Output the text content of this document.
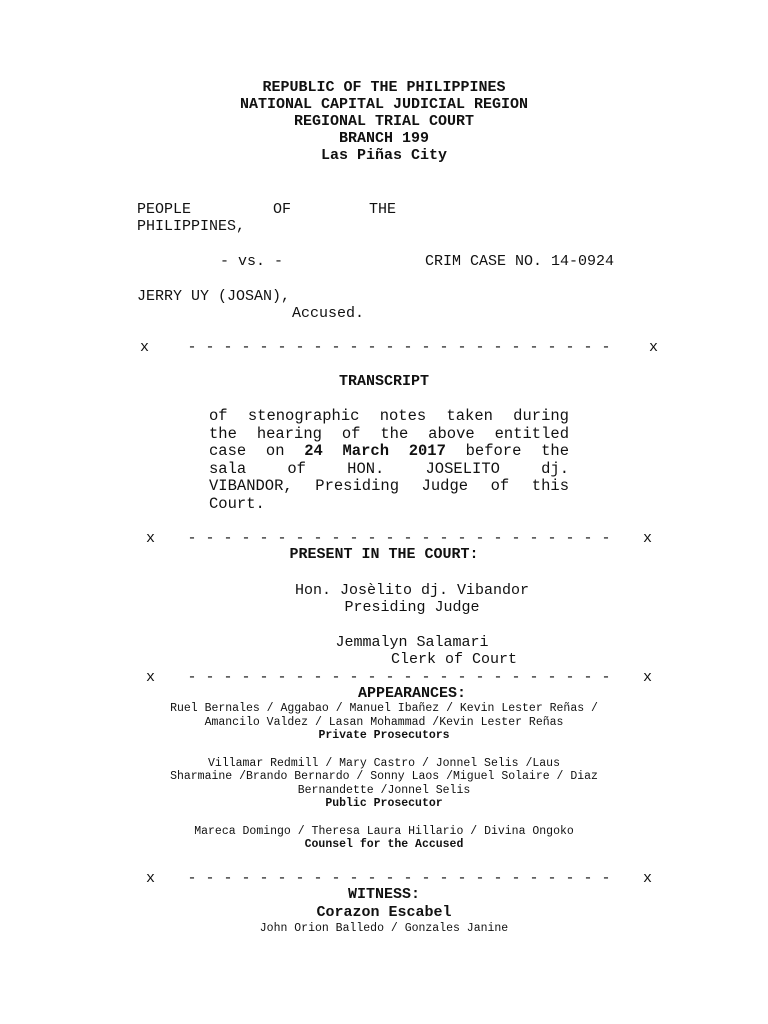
REPUBLIC OF THE PHILIPPINES
NATIONAL CAPITAL JUDICIAL REGION
REGIONAL TRIAL COURT
BRANCH 199
Las Piñas City
PEOPLE	OF	THE
PHILIPPINES,
- vs. -	CRIM CASE NO. 14-0924
JERRY UY (JOSAN),
Accused.
x	- - - - - - - - - - - - - - - - - - - - - - - -	x
TRANSCRIPT
of stenographic notes taken during
the hearing of the above entitled
case on 24 March 2017 before the
sala of HON. JOSELITO dj.
VIBANDOR, Presiding Judge of this
Court.
x - - - - - - - - - - - - - - - - - - - - - - - - x
PRESENT IN THE COURT:
Hon. Josèlito dj. Vibandor
Presiding Judge
Jemmalyn Salamari
Clerk of Court
x - - - - - - - - - - - - - - - - - - - - - - - - x
APPEARANCES:
Ruel Bernales / Aggabao / Manuel Ibañez / Kevin Lester Reñas /
Amancilo Valdez / Lasan Mohammad /Kevin Lester Reñas
Private Prosecutors
Villamar Redmill / Mary Castro / Jonnel Selis /Laus
Sharmaine /Brando Bernardo / Sonny Laos /Miguel Solaire / Diaz
Bernandette /Jonnel Selis
Public Prosecutor
Mareca Domingo / Theresa Laura Hillario / Divina Ongoko
Counsel for the Accused
x - - - - - - - - - - - - - - - - - - - - - - - - x
WITNESS:
Corazon Escabel
John Orion Balledo / Gonzales Janine
